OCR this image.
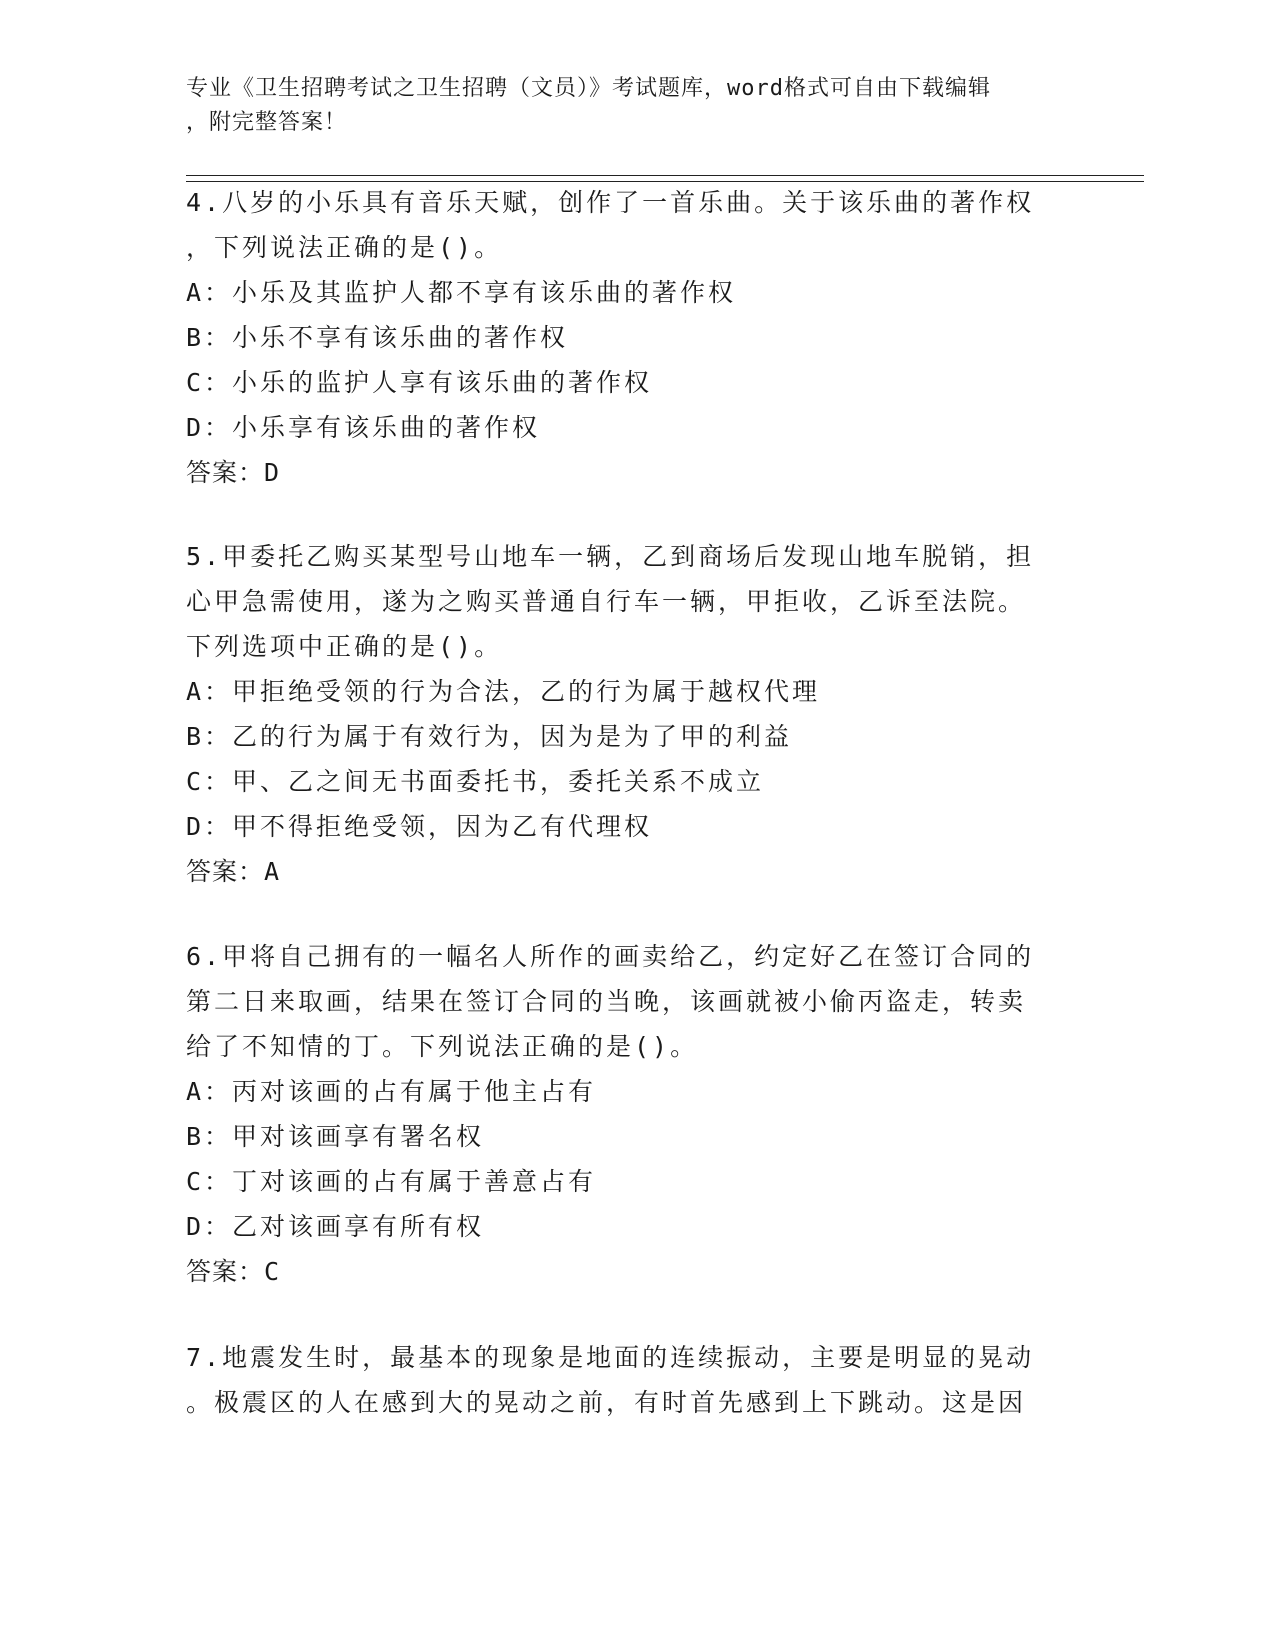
专业《卫生招聘考试之卫生招聘（文员）》考试题库，word格式可自由下载编辑
，附完整答案！
4.八岁的小乐具有音乐天赋，创作了一首乐曲。关于该乐曲的著作权
，下列说法正确的是()。
A：小乐及其监护人都不享有该乐曲的著作权
B：小乐不享有该乐曲的著作权
C：小乐的监护人享有该乐曲的著作权
D：小乐享有该乐曲的著作权
答案：D
5.甲委托乙购买某型号山地车一辆，乙到商场后发现山地车脱销，担
心甲急需使用，遂为之购买普通自行车一辆，甲拒收，乙诉至法院。
下列选项中正确的是()。
A：甲拒绝受领的行为合法，乙的行为属于越权代理
B：乙的行为属于有效行为，因为是为了甲的利益
C：甲、乙之间无书面委托书，委托关系不成立
D：甲不得拒绝受领，因为乙有代理权
答案：A
6.甲将自己拥有的一幅名人所作的画卖给乙，约定好乙在签订合同的
第二日来取画，结果在签订合同的当晚，该画就被小偷丙盗走，转卖
给了不知情的丁。下列说法正确的是()。
A：丙对该画的占有属于他主占有
B：甲对该画享有署名权
C：丁对该画的占有属于善意占有
D：乙对该画享有所有权
答案：C
7.地震发生时，最基本的现象是地面的连续振动，主要是明显的晃动
。极震区的人在感到大的晃动之前，有时首先感到上下跳动。这是因
